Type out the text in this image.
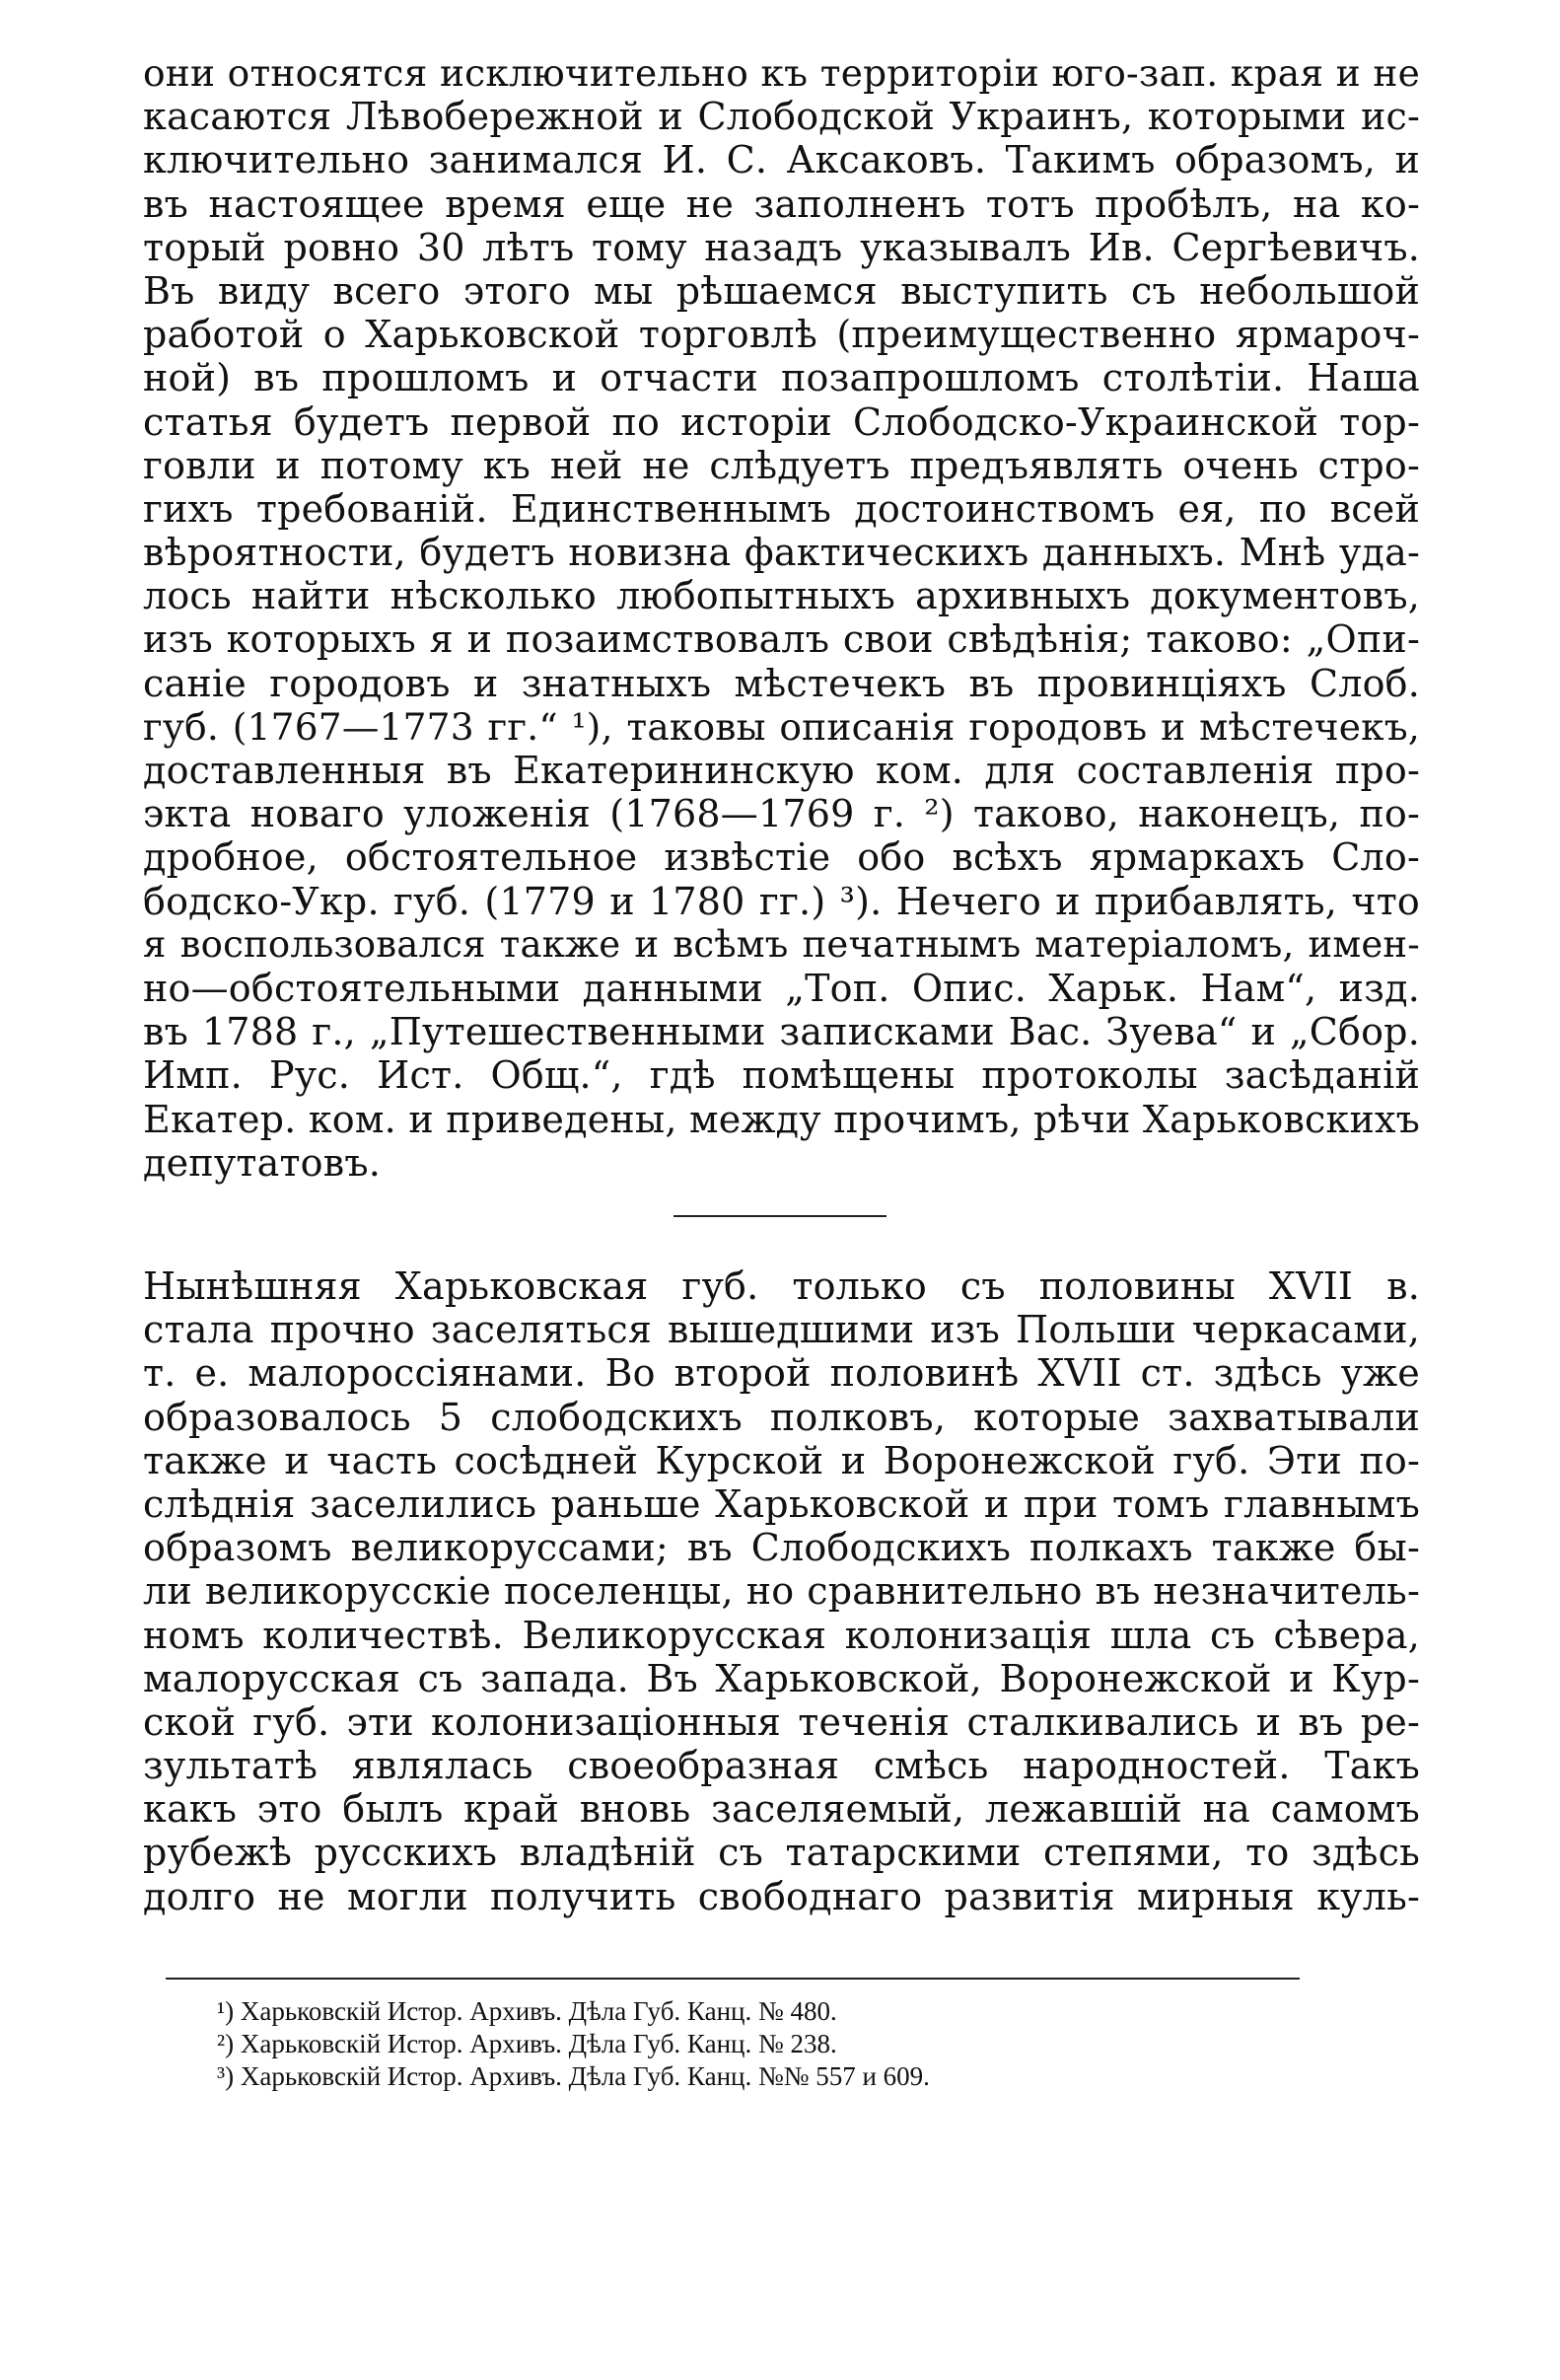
они относятся исключительно къ территоріи юго-зап. края и не
касаются Лѣвобережной и Слободской Украинъ, которыми ис-
ключительно занимался И. С. Аксаковъ. Такимъ образомъ, и
въ настоящее время еще не заполненъ тотъ пробѣлъ, на ко-
торый ровно 30 лѣтъ тому назадъ указывалъ Ив. Сергѣевичъ.
Въ виду всего этого мы рѣшаемся выступить съ небольшой
работой о Харьковской торговлѣ (преимущественно ярмароч-
ной) въ прошломъ и отчасти позапрошломъ столѣтіи. Наша
статья будетъ первой по исторіи Слободско-Украинской тор-
говли и потому къ ней не слѣдуетъ предъявлять очень стро-
гихъ требованій. Единственнымъ достоинствомъ ея, по всей
вѣроятности, будетъ новизна фактическихъ данныхъ. Мнѣ уда-
лось найти нѣсколько любопытныхъ архивныхъ документовъ,
изъ которыхъ я и позаимствовалъ свои свѣдѣнія; таково: „Опи-
саніе городовъ и знатныхъ мѣстечекъ въ провинціяхъ Слоб.
губ. (1767—1773 гг.“ ¹), таковы описанія городовъ и мѣстечекъ,
доставленныя въ Екатерининскую ком. для составленія про-
экта новаго уложенія (1768—1769 г. ²) таково, наконецъ, по-
дробное, обстоятельное извѣстіе обо всѣхъ ярмаркахъ Сло-
бодско-Укр. губ. (1779 и 1780 гг.) ³). Нечего и прибавлять, что
я воспользовался также и всѣмъ печатнымъ матеріаломъ, имен-
но—обстоятельными данными „Топ. Опис. Харьк. Нам“, изд.
въ 1788 г., „Путешественными записками Вас. Зуева“ и „Сбор.
Имп. Рус. Ист. Общ.“, гдѣ помѣщены протоколы засѣданій
Екатер. ком. и приведены, между прочимъ, рѣчи Харьковскихъ
депутатовъ.
Нынѣшняя Харьковская губ. только съ половины XVII в.
стала прочно заселяться вышедшими изъ Польши черкасами,
т. е. малороссіянами. Во второй половинѣ XVII ст. здѣсь уже
образовалось 5 слободскихъ полковъ, которые захватывали
также и часть сосѣдней Курской и Воронежской губ. Эти по-
слѣднія заселились раньше Харьковской и при томъ главнымъ
образомъ великоруссами; въ Слободскихъ полкахъ также бы-
ли великорусскіе поселенцы, но сравнительно въ незначитель-
номъ количествѣ. Великорусская колонизація шла съ сѣвера,
малорусская съ запада. Въ Харьковской, Воронежской и Кур-
ской губ. эти колонизаціонныя теченія сталкивались и въ ре-
зультатѣ являлась своеобразная смѣсь народностей. Такъ
какъ это былъ край вновь заселяемый, лежавшій на самомъ
рубежѣ русскихъ владѣній съ татарскими степями, то здѣсь
долго не могли получить свободнаго развитія мирныя куль-
¹) Харьковскій Истор. Архивъ. Дѣла Губ. Канц. № 480.
²) Харьковскій Истор. Архивъ. Дѣла Губ. Канц. № 238.
³) Харьковскій Истор. Архивъ. Дѣла Губ. Канц. №№ 557 и 609.
